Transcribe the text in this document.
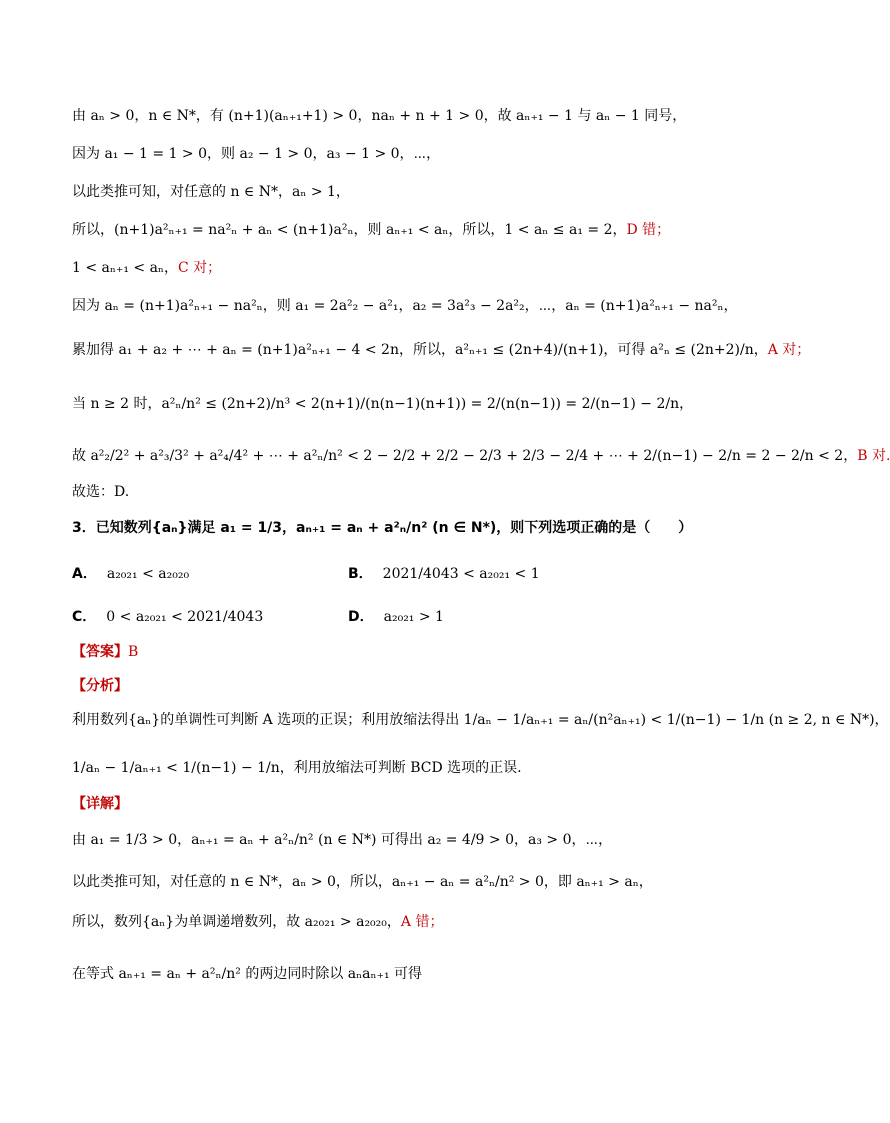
由 aₙ > 0，n ∈ N*，有 (n+1)(aₙ₊₁+1) > 0，naₙ + n + 1 > 0，故 aₙ₊₁ − 1 与 aₙ − 1 同号，
因为 a₁ − 1 = 1 > 0，则 a₂ − 1 > 0，a₃ − 1 > 0，⋯，
以此类推可知，对任意的 n ∈ N*，aₙ > 1，
所以，(n+1)a²ₙ₊₁ = na²ₙ + aₙ < (n+1)a²ₙ，则 aₙ₊₁ < aₙ，所以，1 < aₙ ≤ a₁ = 2，D 错；
1 < aₙ₊₁ < aₙ，C 对；
因为 aₙ = (n+1)a²ₙ₊₁ − na²ₙ，则 a₁ = 2a²₂ − a²₁，a₂ = 3a²₃ − 2a²₂，⋯，aₙ = (n+1)a²ₙ₊₁ − na²ₙ，
累加得 a₁ + a₂ + ⋯ + aₙ = (n+1)a²ₙ₊₁ − 4 < 2n，所以，a²ₙ₊₁ ≤ (2n+4)/(n+1)，可得 a²ₙ ≤ (2n+2)/n，A 对；
当 n ≥ 2 时，a²ₙ/n² ≤ (2n+2)/n³ < 2(n+1)/(n(n−1)(n+1)) = 2/(n(n−1)) = 2/(n−1) − 2/n，
故 a²₂/2² + a²₃/3² + a²₄/4² + ⋯ + a²ₙ/n² < 2 − 2/2 + 2/2 − 2/3 + 2/3 − 2/4 + ⋯ + 2/(n−1) − 2/n = 2 − 2/n < 2，B 对.
故选：D.
3．已知数列{aₙ}满足 a₁ = 1/3，aₙ₊₁ = aₙ + a²ₙ/n² (n ∈ N*)，则下列选项正确的是（　　）
A． a₂₀₂₁ < a₂₀₂₀	B． 2021/4043 < a₂₀₂₁ < 1
C． 0 < a₂₀₂₁ < 2021/4043	D． a₂₀₂₁ > 1
【答案】B
【分析】
利用数列{aₙ}的单调性可判断 A 选项的正误；利用放缩法得出 1/aₙ − 1/aₙ₊₁ = aₙ/(n²aₙ₊₁) < 1/(n−1) − 1/n (n ≥ 2, n ∈ N*)，
1/aₙ − 1/aₙ₊₁ < 1/(n−1) − 1/n，利用放缩法可判断 BCD 选项的正误.
【详解】
由 a₁ = 1/3 > 0，aₙ₊₁ = aₙ + a²ₙ/n² (n ∈ N*) 可得出 a₂ = 4/9 > 0，a₃ > 0，⋯，
以此类推可知，对任意的 n ∈ N*，aₙ > 0，所以，aₙ₊₁ − aₙ = a²ₙ/n² > 0，即 aₙ₊₁ > aₙ，
所以，数列{aₙ}为单调递增数列，故 a₂₀₂₁ > a₂₀₂₀，A 错；
在等式 aₙ₊₁ = aₙ + a²ₙ/n² 的两边同时除以 aₙaₙ₊₁ 可得
